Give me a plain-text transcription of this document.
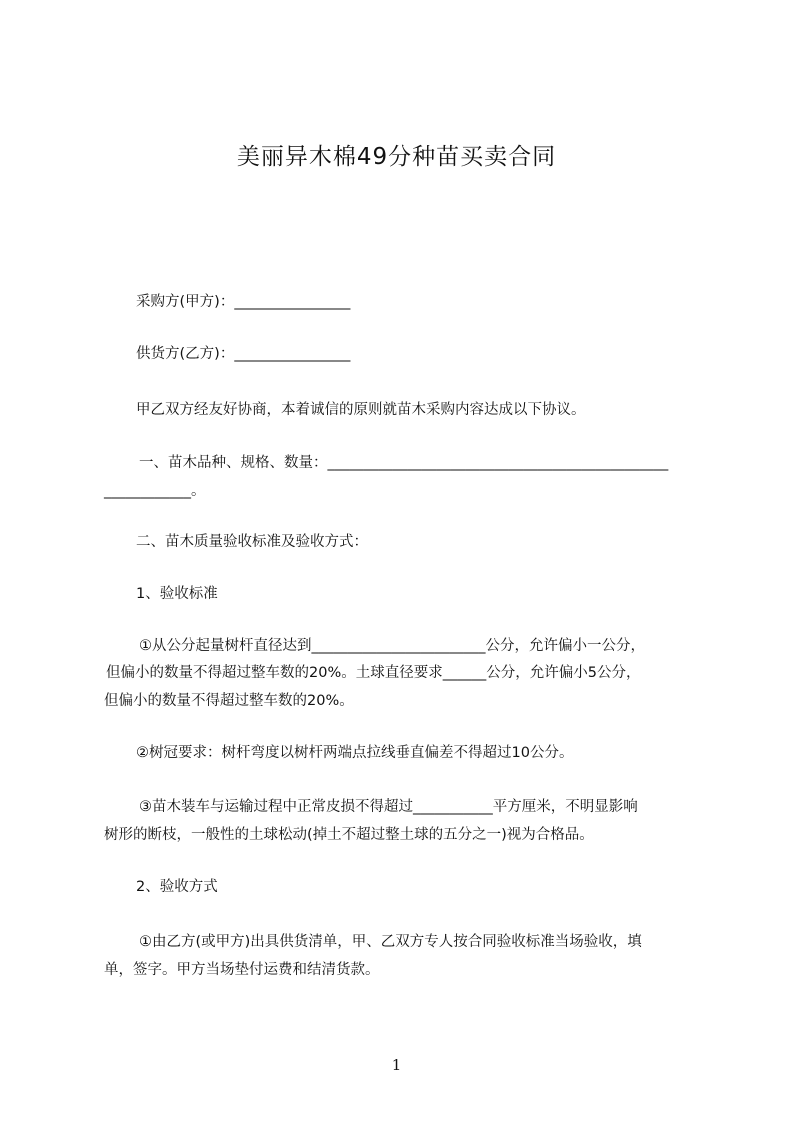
美丽异木棉49分种苗买卖合同
采购方(甲方)：________________
供货方(乙方)：________________
甲乙双方经友好协商，本着诚信的原则就苗木采购内容达成以下协议。
一、苗木品种、规格、数量：_______________________________________________
____________。
二、苗木质量验收标准及验收方式：
1、验收标准
①从公分起量树杆直径达到________________________公分，允许偏小一公分，
但偏小的数量不得超过整车数的20%。土球直径要求______公分，允许偏小5公分，
但偏小的数量不得超过整车数的20%。
②树冠要求：树杆弯度以树杆两端点拉线垂直偏差不得超过10公分。
③苗木装车与运输过程中正常皮损不得超过___________平方厘米，不明显影响
树形的断枝，一般性的土球松动(掉土不超过整土球的五分之一)视为合格品。
2、验收方式
①由乙方(或甲方)出具供货清单，甲、乙双方专人按合同验收标准当场验收，填
单，签字。甲方当场垫付运费和结清货款。
1
